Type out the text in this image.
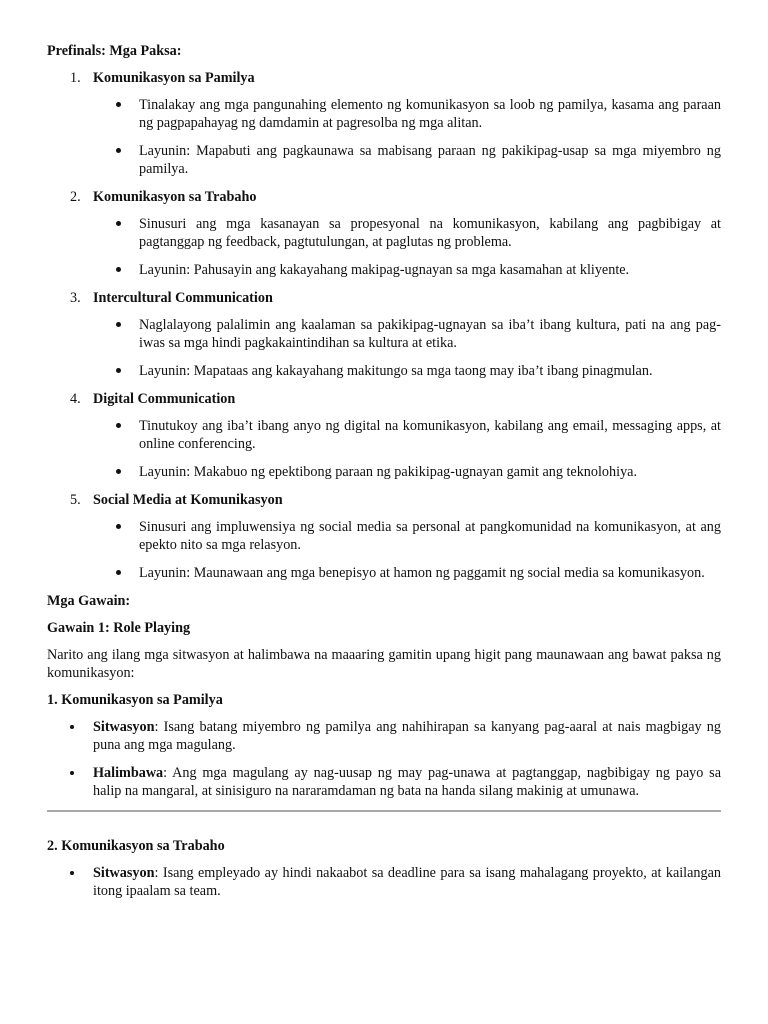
Prefinals: Mga Paksa:

1. Komunikasyon sa Pamilya
Tinalakay ang mga pangunahing elemento ng komunikasyon sa loob ng pamilya, kasama ang paraan ng pagpapahayag ng damdamin at pagresolba ng mga alitan.
Layunin: Mapabuti ang pagkaunawa sa mabisang paraan ng pakikipag-usap sa mga miyembro ng pamilya.
2. Komunikasyon sa Trabaho
Sinusuri ang mga kasanayan sa propesyonal na komunikasyon, kabilang ang pagbibigay at pagtanggap ng feedback, pagtutulungan, at paglutas ng problema.
Layunin: Pahusayin ang kakayahang makipag-ugnayan sa mga kasamahan at kliyente.
3. Intercultural Communication
Naglalayong palalimin ang kaalaman sa pakikipag-ugnayan sa iba’t ibang kultura, pati na ang pag-iwas sa mga hindi pagkakaintindihan sa kultura at etika.
Layunin: Mapataas ang kakayahang makitungo sa mga taong may iba’t ibang pinagmulan.
4. Digital Communication
Tinutukoy ang iba’t ibang anyo ng digital na komunikasyon, kabilang ang email, messaging apps, at online conferencing.
Layunin: Makabuo ng epektibong paraan ng pakikipag-ugnayan gamit ang teknolohiya.
5. Social Media at Komunikasyon
Sinusuri ang impluwensiya ng social media sa personal at pangkomunidad na komunikasyon, at ang epekto nito sa mga relasyon.
Layunin: Maunawaan ang mga benepisyo at hamon ng paggamit ng social media sa komunikasyon.

Mga Gawain:

Gawain 1: Role Playing

Narito ang ilang mga sitwasyon at halimbawa na maaaring gamitin upang higit pang maunawaan ang bawat paksa ng komunikasyon:

1. Komunikasyon sa Pamilya

Sitwasyon: Isang batang miyembro ng pamilya ang nahihirapan sa kanyang pag-aaral at nais magbigay ng puna ang mga magulang.
Halimbawa: Ang mga magulang ay nag-uusap ng may pag-unawa at pagtanggap, nagbibigay ng payo sa halip na mangaral, at sinisiguro na nararamdaman ng bata na handa silang makinig at umunawa.

2. Komunikasyon sa Trabaho

Sitwasyon: Isang empleyado ay hindi nakaabot sa deadline para sa isang mahalagang proyekto, at kailangan itong ipaalam sa team.
